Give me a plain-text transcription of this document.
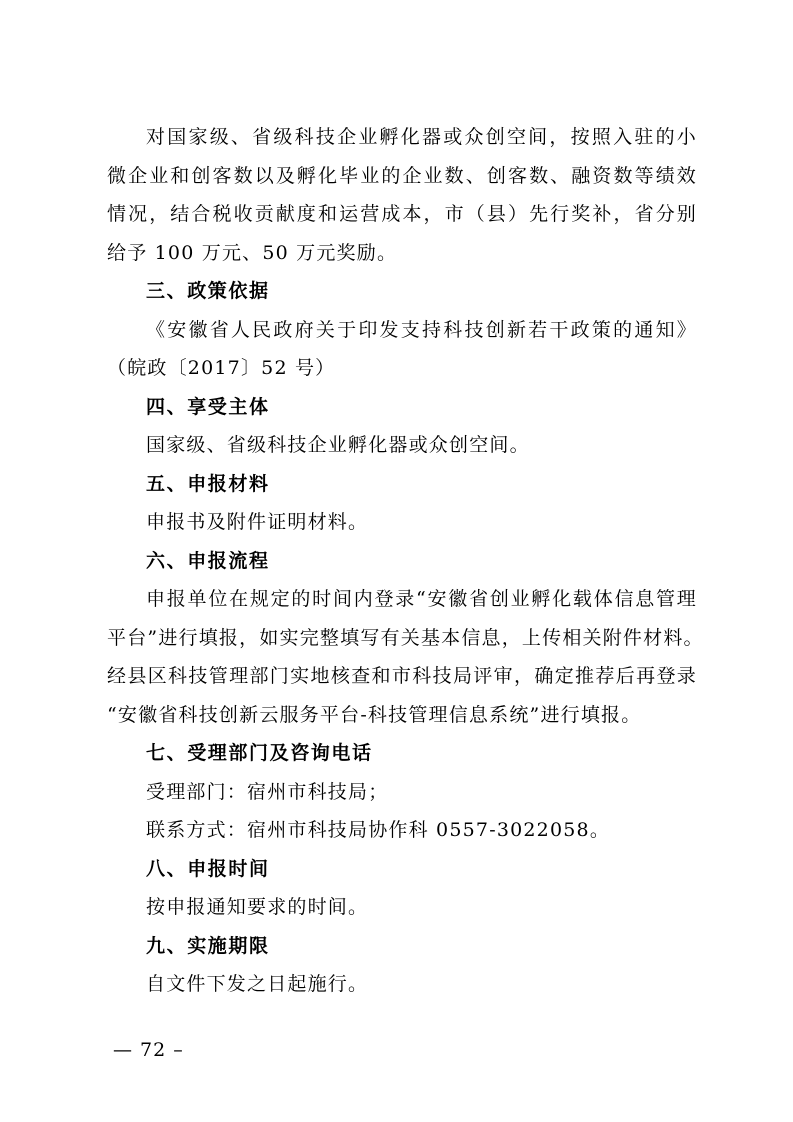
对国家级、省级科技企业孵化器或众创空间，按照入驻的小
微企业和创客数以及孵化毕业的企业数、创客数、融资数等绩效
情况，结合税收贡献度和运营成本，市（县）先行奖补，省分别
给予 100 万元、50 万元奖励。
三、政策依据
《安徽省人民政府关于印发支持科技创新若干政策的通知》
（皖政〔2017〕52 号）
四、享受主体
国家级、省级科技企业孵化器或众创空间。
五、申报材料
申报书及附件证明材料。
六、申报流程
申报单位在规定的时间内登录“安徽省创业孵化载体信息管理
平台”进行填报，如实完整填写有关基本信息，上传相关附件材料。
经县区科技管理部门实地核查和市科技局评审，确定推荐后再登录
“安徽省科技创新云服务平台-科技管理信息系统”进行填报。
七、受理部门及咨询电话
受理部门：宿州市科技局；
联系方式：宿州市科技局协作科 0557-3022058。
八、申报时间
按申报通知要求的时间。
九、实施期限
自文件下发之日起施行。
— 72 –
